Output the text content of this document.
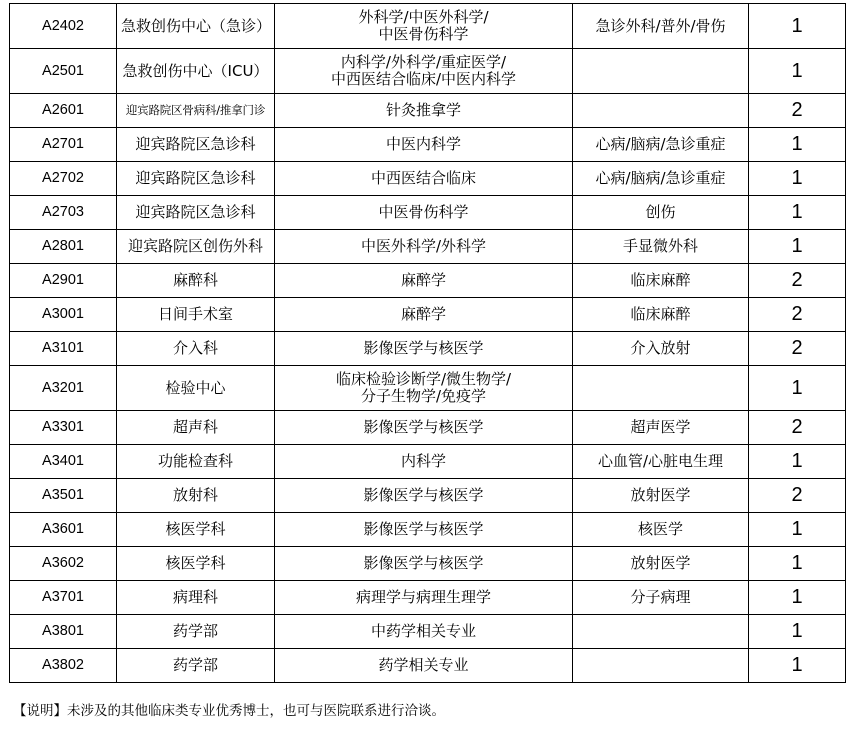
A2402	急救创伤中心（急诊）	外科学/中医外科学/
中医骨伤科学	急诊外科/普外/骨伤	1
A2501	急救创伤中心（ICU）	内科学/外科学/重症医学/
中西医结合临床/中医内科学		1
A2601	迎宾路院区骨病科/推拿门诊	针灸推拿学		2
A2701	迎宾路院区急诊科	中医内科学	心病/脑病/急诊重症	1
A2702	迎宾路院区急诊科	中西医结合临床	心病/脑病/急诊重症	1
A2703	迎宾路院区急诊科	中医骨伤科学	创伤	1
A2801	迎宾路院区创伤外科	中医外科学/外科学	手显微外科	1
A2901	麻醉科	麻醉学	临床麻醉	2
A3001	日间手术室	麻醉学	临床麻醉	2
A3101	介入科	影像医学与核医学	介入放射	2
A3201	检验中心	临床检验诊断学/微生物学/
分子生物学/免疫学		1
A3301	超声科	影像医学与核医学	超声医学	2
A3401	功能检查科	内科学	心血管/心脏电生理	1
A3501	放射科	影像医学与核医学	放射医学	2
A3601	核医学科	影像医学与核医学	核医学	1
A3602	核医学科	影像医学与核医学	放射医学	1
A3701	病理科	病理学与病理生理学	分子病理	1
A3801	药学部	中药学相关专业		1
A3802	药学部	药学相关专业		1
【说明】未涉及的其他临床类专业优秀博士，也可与医院联系进行洽谈。
